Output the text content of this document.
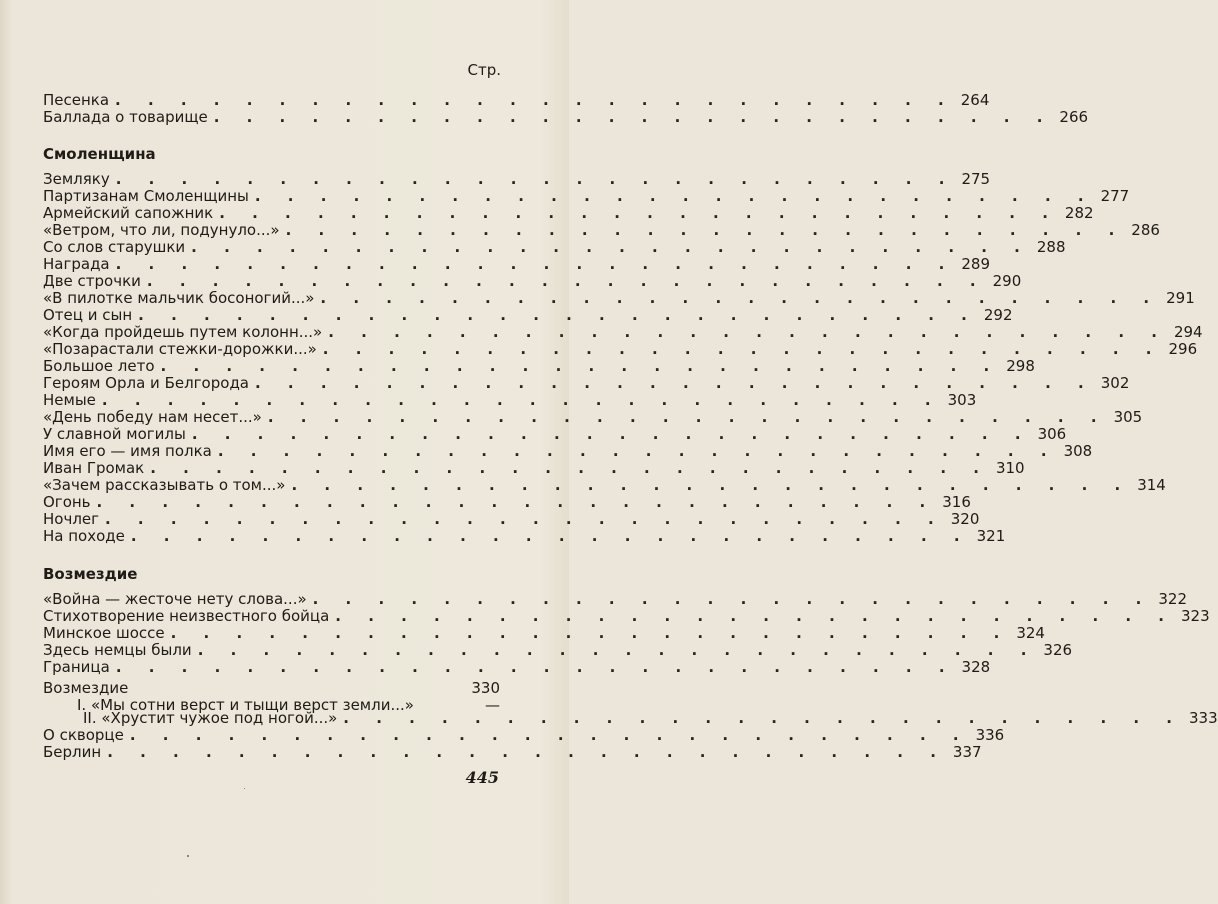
Стр.
Песенка . . . . . . . . . . . . . . . . . . . . . . . . . . 264
Баллада о товарище . . . . . . . . . . . . . . . . . . . . . . . . . . 266
Смоленщина
Земляку . . . . . . . . . . . . . . . . . . . . . . . . . . 275
Партизанам Смоленщины . . . . . . . . . . . . . . . . . . . . . . . . . . 277
Армейский сапожник . . . . . . . . . . . . . . . . . . . . . . . . . . 282
«Ветром, что ли, подунуло...» . . . . . . . . . . . . . . . . . . . . . . . . . . 286
Со слов старушки . . . . . . . . . . . . . . . . . . . . . . . . . . 288
Награда . . . . . . . . . . . . . . . . . . . . . . . . . . 289
Две строчки . . . . . . . . . . . . . . . . . . . . . . . . . . 290
«В пилотке мальчик босоногий...» . . . . . . . . . . . . . . . . . . . . . . . . . . 291
Отец и сын . . . . . . . . . . . . . . . . . . . . . . . . . . 292
«Когда пройдешь путем колонн...» . . . . . . . . . . . . . . . . . . . . . . . . . . 294
«Позарастали стежки-дорожки...» . . . . . . . . . . . . . . . . . . . . . . . . . . 296
Большое лето . . . . . . . . . . . . . . . . . . . . . . . . . . 298
Героям Орла и Белгорода . . . . . . . . . . . . . . . . . . . . . . . . . . 302
Немые . . . . . . . . . . . . . . . . . . . . . . . . . . 303
«День победу нам несет...» . . . . . . . . . . . . . . . . . . . . . . . . . . 305
У славной могилы . . . . . . . . . . . . . . . . . . . . . . . . . . 306
Имя его — имя полка . . . . . . . . . . . . . . . . . . . . . . . . . . 308
Иван Громак . . . . . . . . . . . . . . . . . . . . . . . . . . 310
«Зачем рассказывать о том...» . . . . . . . . . . . . . . . . . . . . . . . . . . 314
Огонь . . . . . . . . . . . . . . . . . . . . . . . . . . 316
Ночлег . . . . . . . . . . . . . . . . . . . . . . . . . . 320
На походе . . . . . . . . . . . . . . . . . . . . . . . . . . 321
Возмездие
«Война — жесточе нету слова...» . . . . . . . . . . . . . . . . . . . . . . . . . . 322
Стихотворение неизвестного бойца . . . . . . . . . . . . . . . . . . . . . . . . . . 323
Минское шоссе . . . . . . . . . . . . . . . . . . . . . . . . . . 324
Здесь немцы были . . . . . . . . . . . . . . . . . . . . . . . . . . 326
Граница . . . . . . . . . . . . . . . . . . . . . . . . . . 328
Возмездие	330
I. «Мы сотни верст и тыщи верст земли...»	—
II. «Хрустит чужое под ногой...» . . . . . . . . . . . . . . . . . . . . . . . . . . 333
О скворце . . . . . . . . . . . . . . . . . . . . . . . . . . 336
Берлин . . . . . . . . . . . . . . . . . . . . . . . . . . 337
445
